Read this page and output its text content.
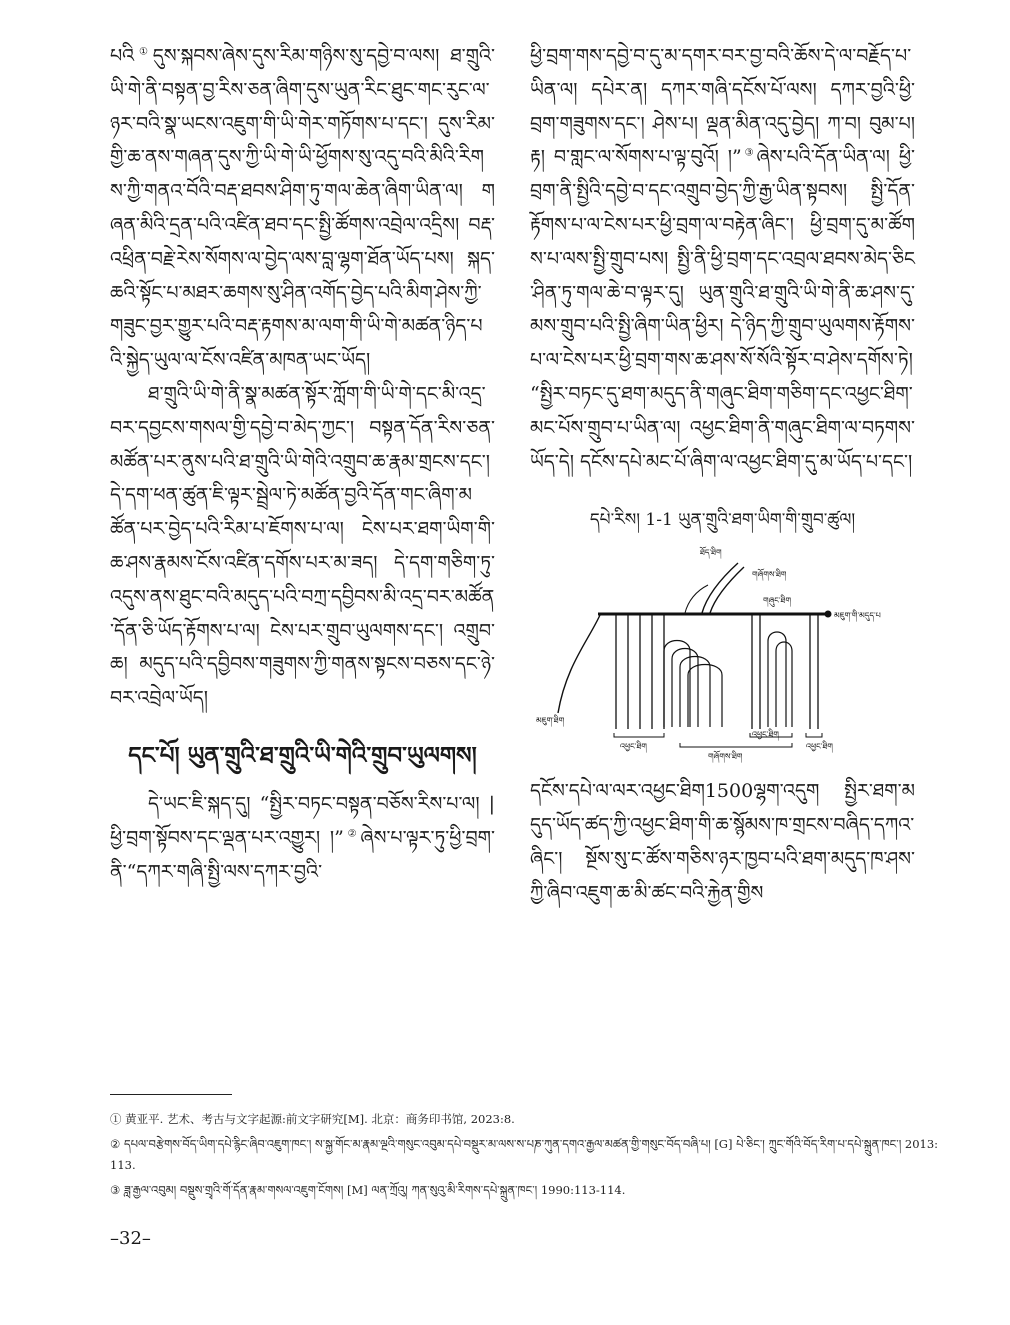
པའི①དུས་སྐབས་ཞེས་དུས་རིམ་གཉིས་སུ་དབྱེ་བ་ལས། ཐ་གྲུའི་ཡི་གེ་ནི་བསྟན་བྱ་རིས་ཅན་ཞིག་དུས་ཡུན་རིང་ཐུང་གང་རུང་ལ་ཉར་བའི་སྣ་ཡངས་འཇུག་གི་ཡི་གེར་གཏོགས་པ་དང་། དུས་རིམ་གྱི་ཆ་ནས་གཞན་དུས་ཀྱི་ཡི་གེ་ཡི་ཕྱོགས་སུ་འདུ་བའི་མིའི་རིགས་ཀྱི་གནའ་བོའི་བརྡ་ཐབས་ཤིག་ཏུ་གལ་ཆེན་ཞིག་ཡིན་ལ། གཞན་མིའི་དྲན་པའི་འཛིན་ཐབ་དང་སྤྱི་ཚོགས་འབྲེལ་འདྲིས། བརྡ་འཕྲིན་བརྗེ་རེས་སོགས་ལ་བྱེད་ལས་བླ་ལྷག་ཐོན་ཡོད་པས། སྐད་ཆའི་སྟོང་པ་མཐར་ཆགས་སུ་ཤིན་འགོད་བྱེད་པའི་མིག་ཤེས་ཀྱི་གཟུང་བྱར་གྱུར་པའི་བརྡ་རྟགས་མ་ལག་གི་ཡི་གེ་མཚན་ཉིད་པའི་སྐྱེད་ཡུལ་ལ་ངོས་འཛིན་མཁན་ཡང་ཡོད།

ཐ་གྲུའི་ཡི་གེ་ནི་སྣ་མཚན་སྟོར་ཀློག་གི་ཡི་གེ་དང་མི་འདྲ་བར་དབྱངས་གསལ་གྱི་དབྱེ་བ་མེད་ཀྱང་། བསྟན་དོན་རིས་ཅན་མཚོན་པར་ནུས་པའི་ཐ་གྲུའི་ཡི་གེའི་འགྲུབ་ཆ་རྣམ་གྲངས་དང་། དེ་དག་ཕན་ཚུན་ཇི་ལྟར་སྦྲེལ་ཏེ་མཚོན་བྱའི་དོན་གང་ཞིག་མཚོན་པར་བྱེད་པའི་རིམ་པ་ཇོགས་པ་ལ། ངེས་པར་ཐག་ཡིག་གི་ཆ་ཤས་རྣམས་ངོས་འཛིན་དགོས་པར་མ་ཟད། དེ་དག་གཅིག་ཏུ་འདུས་ནས་ཐུང་བའི་མདུད་པའི་བཀྲ་དབྱིབས་མི་འདྲ་བར་མཚོན་དོན་ཅི་ཡོད་རྟོགས་པ་ལ། ངེས་པར་གྲུབ་ཡུལགས་དང་། འགྲུབ་ཆ། མདུད་པའི་དབྱིབས་གཟུགས་ཀྱི་གནས་སྟངས་བཅས་དང་ཉེ་བར་འབྲེལ་ཡོད།

དང་པོ། ཡུན་གྲུའི་ཐ་གྲུའི་ཡི་གེའི་གྲུབ་ཡུལགས།

དེ་ཡང་ཇི་སྐད་དུ། “སྤྱིར་བཏང་བསྟན་བཅོས་རིས་པ་ལ། |ཕྱི་བྲག་སྟོབས་དང་ལྡན་པར་འགྱུར། །”②ཞེས་པ་ལྟར་ཏུ་ཕྱི་བྲག་ནི་“དཀར་གཞི་སྤྱི་ལས་དཀར་བྱའི་

ཕྱི་བྲག་གས་དབྱེ་བ་དུ་མ་དགར་བར་བྱ་བའི་ཆོས་དེ་ལ་བརྗོད་པ་ཡིན་ལ། དཔེར་ན། དཀར་གཞི་དངོས་པོ་ལས། དཀར་བྱའི་ཕྱི་བྲག་གཟུགས་དང་། ཤེས་པ། ལྡན་མིན་འདུ་བྱེད། ཀ་བ། བུམ་པ། རྟ། བ་གླང་ལ་སོགས་པ་ལྟ་བུའོ། །”③ཞེས་པའི་དོན་ཡིན་ལ། ཕྱི་བྲག་ནི་སྤྱིའི་དབྱེ་བ་དང་འགྲུབ་བྱེད་ཀྱི་རྒྱ་ཡིན་སྟབས། སྤྱི་དོན་རྟོགས་པ་ལ་ངེས་པར་ཕྱི་བྲག་ལ་བརྟེན་ཞིང་། ཕྱི་བྲག་དུ་མ་ཚོགས་པ་ལས་སྤྱི་གྲུབ་པས། སྤྱི་ནི་ཕྱི་བྲག་དང་འབྲལ་ཐབས་མེད་ཅིང་ཤིན་ཏུ་གལ་ཆེ་བ་ལྟར་དུ། ཡུན་གྲུའི་ཐ་གྲུའི་ཡི་གེ་ནི་ཆ་ཤས་དུ་མས་གྲུབ་པའི་སྤྱི་ཞིག་ཡིན་ཕྱིར། དེ་ཉིད་ཀྱི་གྲུབ་ཡུལགས་རྟོགས་པ་ལ་ངེས་པར་ཕྱི་བྲག་གས་ཆ་ཤས་སོ་སོའི་སྟོར་བ་ཤེས་དགོས་ཏེ། “སྤྱིར་བཏང་དུ་ཐག་མདུད་ནི་གཞུང་ཐིག་གཅིག་དང་འཕྱང་ཐིག་མང་པོས་གྲུབ་པ་ཡིན་ལ། འཕྱང་ཐིག་ནི་གཞུང་ཐིག་ལ་བཏགས་ཡོད་དེ། དངོས་དཔེ་མང་པོ་ཞིག་ལ་འཕྱང་ཐིག་དུ་མ་ཡོད་པ་དང་།

དཔེ་རིས། 1-1 ཡུན་གྲུའི་ཐག་ཡིག་གི་གྲུབ་ཚུལ།
ཐོད་ཐིག
གཞོགས་ཐིག
གཞུང་ཐིག
མཇུག་གི་མདུད་པ
མཇུག་ཐིག
འཕྱང་ཐིག
འཕྱང་ཐིག
འཕྱང་ཐིག
གཞོགས་ཐིག

དངོས་དཔེ་ལ་ལར་འཕྱང་ཐིག1500ལྷག་འདུག སྤྱིར་ཐག་མདུད་ཡོད་ཚད་ཀྱི་འཕྱང་ཐིག་གི་ཆ་སྙོམས་ཁ་གྲངས་བཞིད་དཀའ་ཞིང་། སྔོས་སུ་ང་ཚོས་གཅིས་ཉར་ཁྱབ་པའི་ཐག་མདུད་ཁ་ཤས་ཀྱི་ཞིབ་འཇུག་ཆ་མི་ཚང་བའི་རྐྱེན་གྱིས

① 黄亚平. 艺术、考古与文字起源:前文字研究[M]. 北京：商务印书馆, 2023:8.

② དཔལ་བརྩེགས་བོད་ཡིག་དཔེ་རྙིང་ཞིབ་འཇུག་ཁང་། ས་སྐྱ་གོང་མ་རྣམ་ལྔའི་གསུང་འབུམ་དཔེ་བསྡུར་མ་ལས་ས་པཎ་ཀུན་དགའ་རྒྱལ་མཚན་གྱི་གསུང་བོད་བཞི་པ། [G] པེ་ཅིང་། ཀྲུང་གོའི་བོད་རིག་པ་དཔེ་སྐྲུན་ཁང་། 2013:113.

③ ཟླ་རྒྱལ་འབུམ། བསྡུས་གྲྭའི་གོ་དོན་རྣམ་གསལ་འཇུག་ངོགས། [M] ལན་ཀྲོའུ། ཀན་སུའུ་མི་རིགས་དཔེ་སྐྲུན་ཁང་། 1990:113-114.

–32–
